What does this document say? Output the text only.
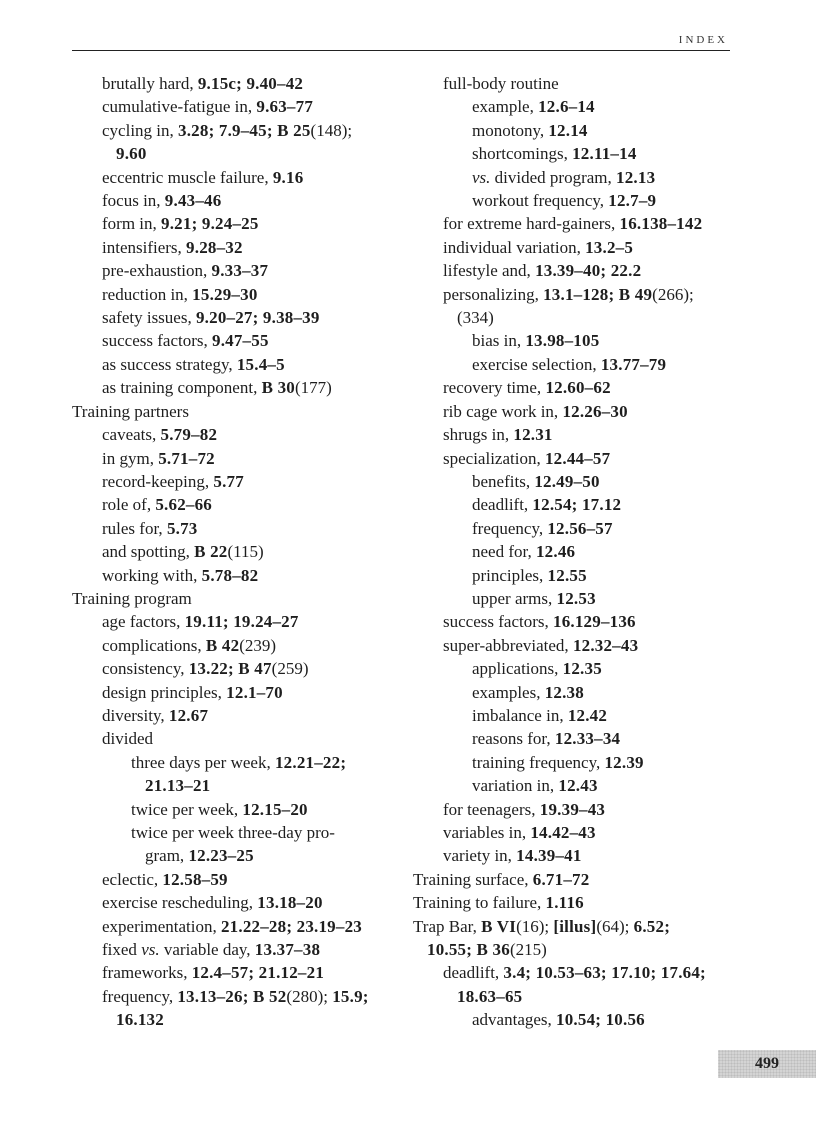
INDEX
brutally hard, 9.15c; 9.40–42
cumulative-fatigue in, 9.63–77
cycling in, 3.28; 7.9–45; B 25(148);
9.60
eccentric muscle failure, 9.16
focus in, 9.43–46
form in, 9.21; 9.24–25
intensifiers, 9.28–32
pre-exhaustion, 9.33–37
reduction in, 15.29–30
safety issues, 9.20–27; 9.38–39
success factors, 9.47–55
as success strategy, 15.4–5
as training component, B 30(177)
Training partners
caveats, 5.79–82
in gym, 5.71–72
record-keeping, 5.77
role of, 5.62–66
rules for, 5.73
and spotting, B 22(115)
working with, 5.78–82
Training program
age factors, 19.11; 19.24–27
complications, B 42(239)
consistency, 13.22; B 47(259)
design principles, 12.1–70
diversity, 12.67
divided
three days per week, 12.21–22;
21.13–21
twice per week, 12.15–20
twice per week three-day pro-
gram, 12.23–25
eclectic, 12.58–59
exercise rescheduling, 13.18–20
experimentation, 21.22–28; 23.19–23
fixed vs. variable day, 13.37–38
frameworks, 12.4–57; 21.12–21
frequency, 13.13–26; B 52(280); 15.9;
16.132
full-body routine
example, 12.6–14
monotony, 12.14
shortcomings, 12.11–14
vs. divided program, 12.13
workout frequency, 12.7–9
for extreme hard-gainers, 16.138–142
individual variation, 13.2–5
lifestyle and, 13.39–40; 22.2
personalizing, 13.1–128; B 49(266);
(334)
bias in, 13.98–105
exercise selection, 13.77–79
recovery time, 12.60–62
rib cage work in, 12.26–30
shrugs in, 12.31
specialization, 12.44–57
benefits, 12.49–50
deadlift, 12.54; 17.12
frequency, 12.56–57
need for, 12.46
principles, 12.55
upper arms, 12.53
success factors, 16.129–136
super-abbreviated, 12.32–43
applications, 12.35
examples, 12.38
imbalance in, 12.42
reasons for, 12.33–34
training frequency, 12.39
variation in, 12.43
for teenagers, 19.39–43
variables in, 14.42–43
variety in, 14.39–41
Training surface, 6.71–72
Training to failure, 1.116
Trap Bar, B VI(16); [illus](64); 6.52;
10.55; B 36(215)
deadlift, 3.4; 10.53–63; 17.10; 17.64;
18.63–65
advantages, 10.54; 10.56
499
